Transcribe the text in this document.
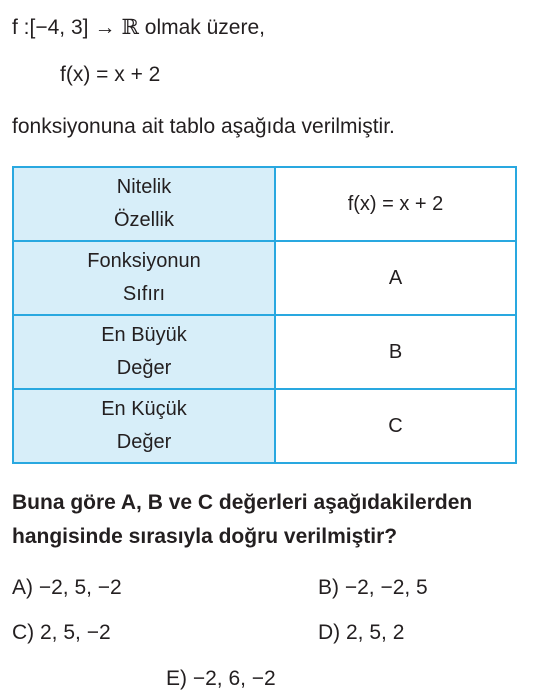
f :[−4, 3] → ℝ olmak üzere,
f(x) = x + 2
fonksiyonuna ait tablo aşağıda verilmiştir.
Nitelik
Özellik	f(x) = x + 2

Fonksiyonun
Sıfırı	A

En Büyük
Değer	B

En Küçük
Değer	C
Buna göre A, B ve C değerleri aşağıdakilerden
hangisinde sırasıyla doğru verilmiştir?
A) −2, 5, −2	B) −2, −2, 5
C) 2, 5, −2	D) 2, 5, 2
E) −2, 6, −2
